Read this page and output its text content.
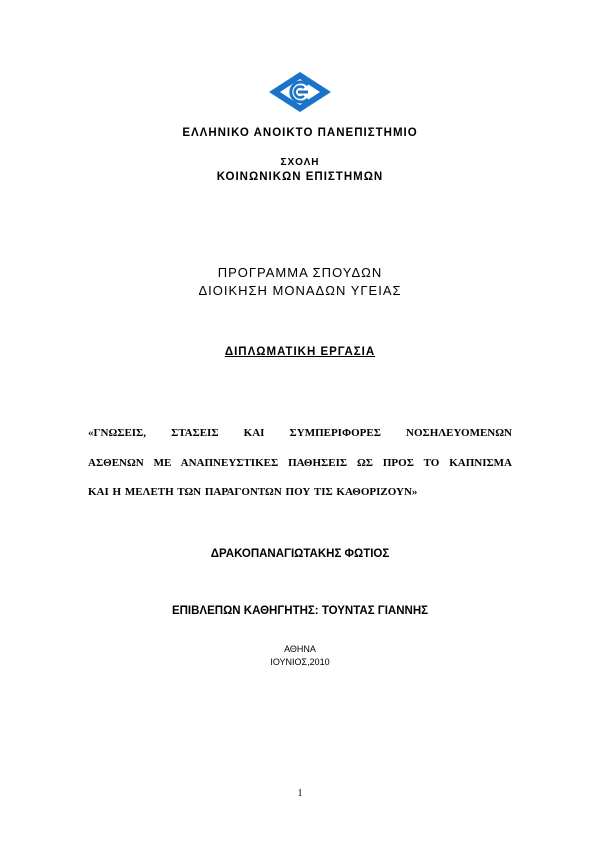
ΕΛΛΗΝΙΚΟ ΑΝΟΙΚΤΟ ΠΑΝΕΠΙΣΤΗΜΙΟ
ΣΧΟΛΗ
ΚΟΙΝΩΝΙΚΩΝ ΕΠΙΣΤΗΜΩΝ
ΠΡΟΓΡΑΜΜΑ ΣΠΟΥΔΩΝ
ΔΙΟΙΚΗΣΗ ΜΟΝΑΔΩΝ ΥΓΕΙΑΣ
ΔΙΠΛΩΜΑΤΙΚΗ ΕΡΓΑΣΙΑ
«ΓΝΩΣΕΙΣ, ΣΤΑΣΕΙΣ ΚΑΙ ΣΥΜΠΕΡΙΦΟΡΕΣ ΝΟΣΗΛΕΥΟΜΕΝΩΝ
ΑΣΘΕΝΩΝ ΜΕ ΑΝΑΠΝΕΥΣΤΙΚΕΣ ΠΑΘΗΣΕΙΣ ΩΣ ΠΡΟΣ ΤΟ ΚΑΠΝΙΣΜΑ
ΚΑΙ Η ΜΕΛΕΤΗ ΤΩΝ ΠΑΡΑΓΟΝΤΩΝ ΠΟΥ ΤΙΣ ΚΑΘΟΡΙΖΟΥΝ»
ΔΡΑΚΟΠΑΝΑΓΙΩΤΑΚΗΣ ΦΩΤΙΟΣ
ΕΠΙΒΛΕΠΩΝ ΚΑΘΗΓΗΤΗΣ: ΤΟΥΝΤΑΣ ΓΙΑΝΝΗΣ
ΑΘΗΝΑ
ΙΟΥΝΙΟΣ,2010
1
